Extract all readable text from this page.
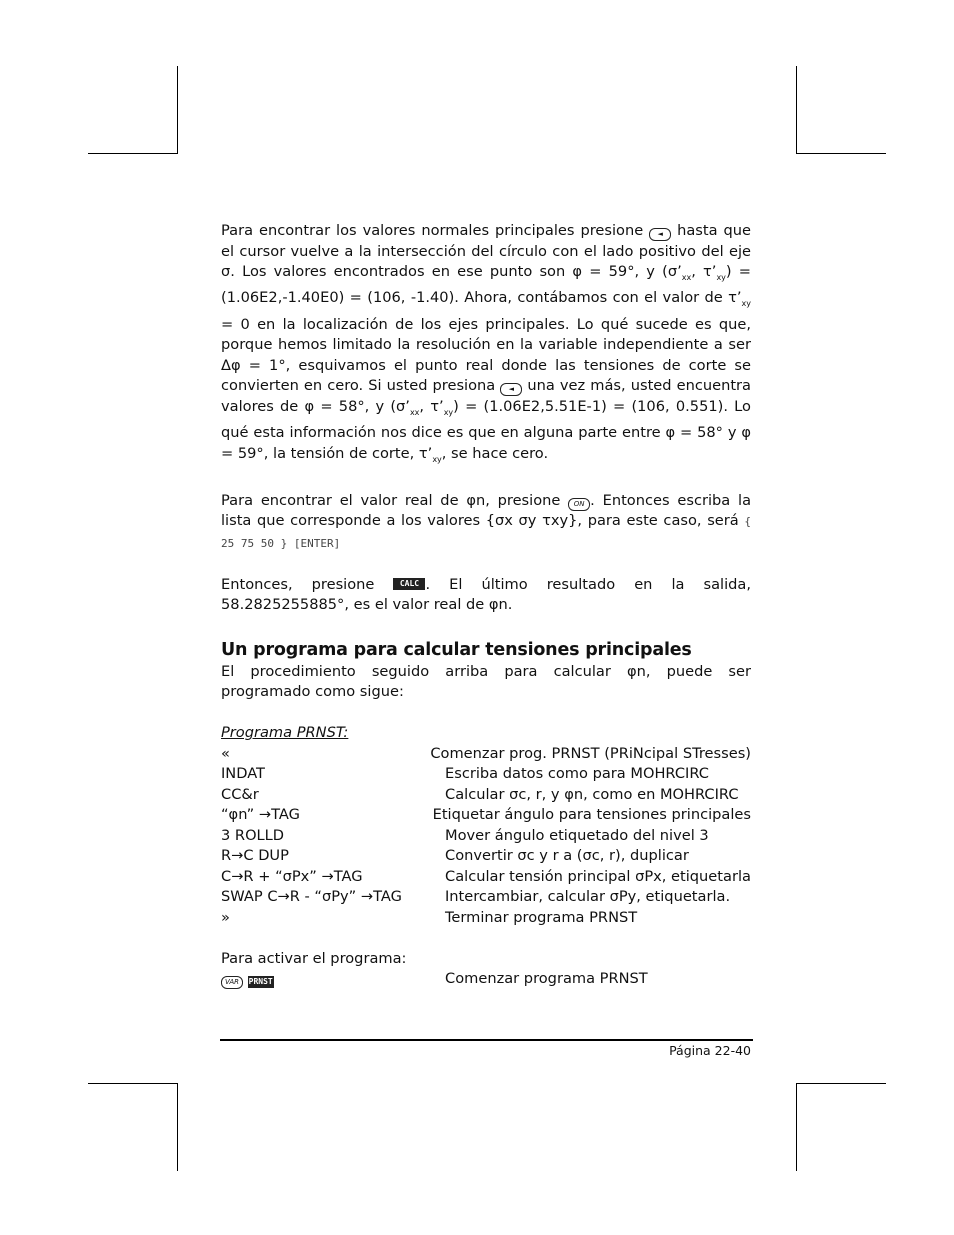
Para encontrar los valores normales principales presione ◄ hasta que el cursor vuelve a la intersección del círculo con el lado positivo del eje σ. Los valores encontrados en ese punto son φ = 59°, y ($\sigma’_{xx}$, $\tau’_{xy}) = (1.06E2,-1.40E0) = (106$, -1.40). Ahora, contábamos con el valor de $\tau’_{xy} = 0$ en la localización de los ejes principales. Lo qué sucede es que, porque hemos limitado la resolución en la variable independiente a ser Δφ = 1°, esquivamos el punto real donde las tensiones de corte se convierten en cero. Si usted presiona ◄ una vez más, usted encuentra valores de φ = 58°, y ($\sigma’_{xx}$, $\tau’_{xy}) = (1.06E2,5.51E-1) = (106$, 0.551). Lo qué esta información nos dice es que en alguna parte entre φ = 58° y φ = 59°, la tensión de corte, $\tau’_{xy}$, se hace cero.

Para encontrar el valor real de φn, presione ON . Entonces escriba la lista que corresponde a los valores {σx σy τxy}, para este caso, será { 25 75 50 } [ENTER]

Entonces, presione	CALC . El último resultado en la salida, 58.2825255885°, es el valor real de φn.

Un programa para calcular tensiones principales

El procedimiento seguido arriba para calcular φn, puede ser programado como sigue:

Programa PRNST:
«	Comenzar prog. PRNST (PRiNcipal STresses)
INDAT	Escriba datos como para MOHRCIRC
CC&r	Calcular σc, r, y φn, como en MOHRCIRC
“φn” →TAG	Etiquetar ángulo para tensiones principales
3 ROLLD	Mover ángulo etiquetado del nivel 3
R→C DUP	Convertir σc y r a (σc, r), duplicar
C→R + “σPx” →TAG	Calcular tensión principal σPx, etiquetarla
SWAP C→R - “σPy” →TAG	Intercambiar, calcular σPy, etiquetarla.
»	Terminar programa PRNST
Para activar el programa:
VAR PRNST	Comenzar programa PRNST
Página 22-40
